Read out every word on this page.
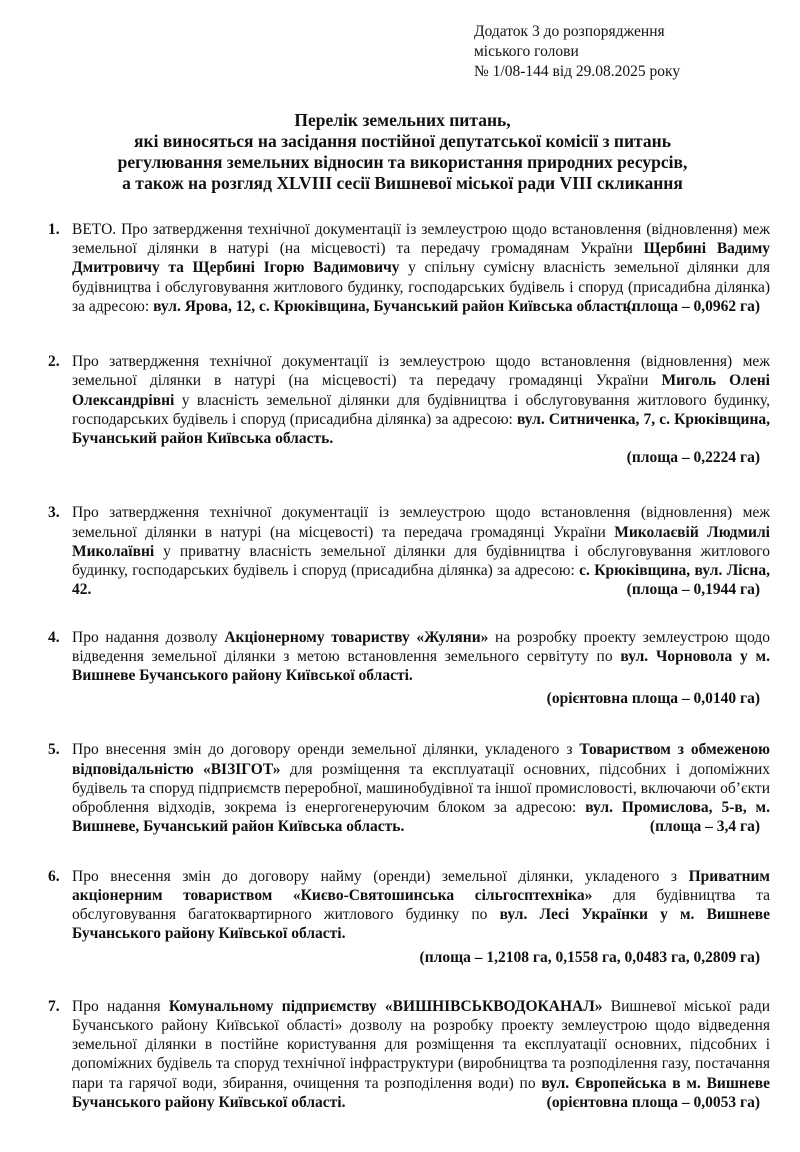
Додаток 3 до розпорядження
міського голови
№ 1/08-144 від 29.08.2025 року
Перелік земельних питань,
які виносяться на засідання постійної депутатської комісії з питань
регулювання земельних відносин та використання природних ресурсів,
а також на розгляд XLVIII сесії Вишневої міської ради VIII скликання
1. ВЕТО. Про затвердження технічної документації із землеустрою щодо встановлення (відновлення) меж земельної ділянки в натурі (на місцевості) та передачу громадянам України Щербині Вадиму Дмитровичу та Щербині Ігорю Вадимовичу у спільну сумісну власність земельної ділянки для будівництва і обслуговування житлового будинку, господарських будівель і споруд (присадибна ділянка) за адресою: вул. Ярова, 12, с. Крюківщина, Бучанський район Київська область.
(площа – 0,0962 га)
2. Про затвердження технічної документації із землеустрою щодо встановлення (відновлення) меж земельної ділянки в натурі (на місцевості) та передачу громадянці України Миголь Олені Олександрівні у власність земельної ділянки для будівництва і обслуговування житлового будинку, господарських будівель і споруд (присадибна ділянка) за адресою: вул. Ситниченка, 7, с. Крюківщина, Бучанський район Київська область.
(площа – 0,2224 га)
3. Про затвердження технічної документації із землеустрою щодо встановлення (відновлення) меж земельної ділянки в натурі (на місцевості) та передача громадянці України Миколаєвій Людмилі Миколаївні у приватну власність земельної ділянки для будівництва і обслуговування житлового будинку, господарських будівель і споруд (присадибна ділянка) за адресою: с. Крюківщина, вул. Лісна, 42.	(площа – 0,1944 га)
4. Про надання дозволу Акціонерному товариству «Жуляни» на розробку проекту землеустрою щодо відведення земельної ділянки з метою встановлення земельного сервітуту по вул. Чорновола у м. Вишневе Бучанського району Київської області.
(орієнтовна площа – 0,0140 га)
5. Про внесення змін до договору оренди земельної ділянки, укладеного з Товариством з обмеженою відповідальністю «ВІЗІГОТ» для розміщення та експлуатації основних, підсобних і допоміжних будівель та споруд підприємств переробної, машинобудівної та іншої промисловості, включаючи об’єкти оброблення відходів, зокрема із енергогенеруючим блоком за адресою: вул. Промислова, 5-в, м. Вишневе, Бучанський район Київська область.	(площа – 3,4 га)
6. Про внесення змін до договору найму (оренди) земельної ділянки, укладеного з Приватним акціонерним товариством «Києво-Святошинська сільгосптехніка» для будівництва та обслуговування багатоквартирного житлового будинку по вул. Лесі Українки у м. Вишневе Бучанського району Київської області.
(площа – 1,2108 га, 0,1558 га, 0,0483 га, 0,2809 га)
7. Про надання Комунальному підприємству «ВИШНІВСЬКВОДОКАНАЛ» Вишневої міської ради Бучанського району Київської області» дозволу на розробку проекту землеустрою щодо відведення земельної ділянки в постійне користування для розміщення та експлуатації основних, підсобних і допоміжних будівель та споруд технічної інфраструктури (виробництва та розподілення газу, постачання пари та гарячої води, збирання, очищення та розподілення води) по вул. Європейська в м. Вишневе Бучанського району Київської області.	(орієнтовна площа – 0,0053 га)
